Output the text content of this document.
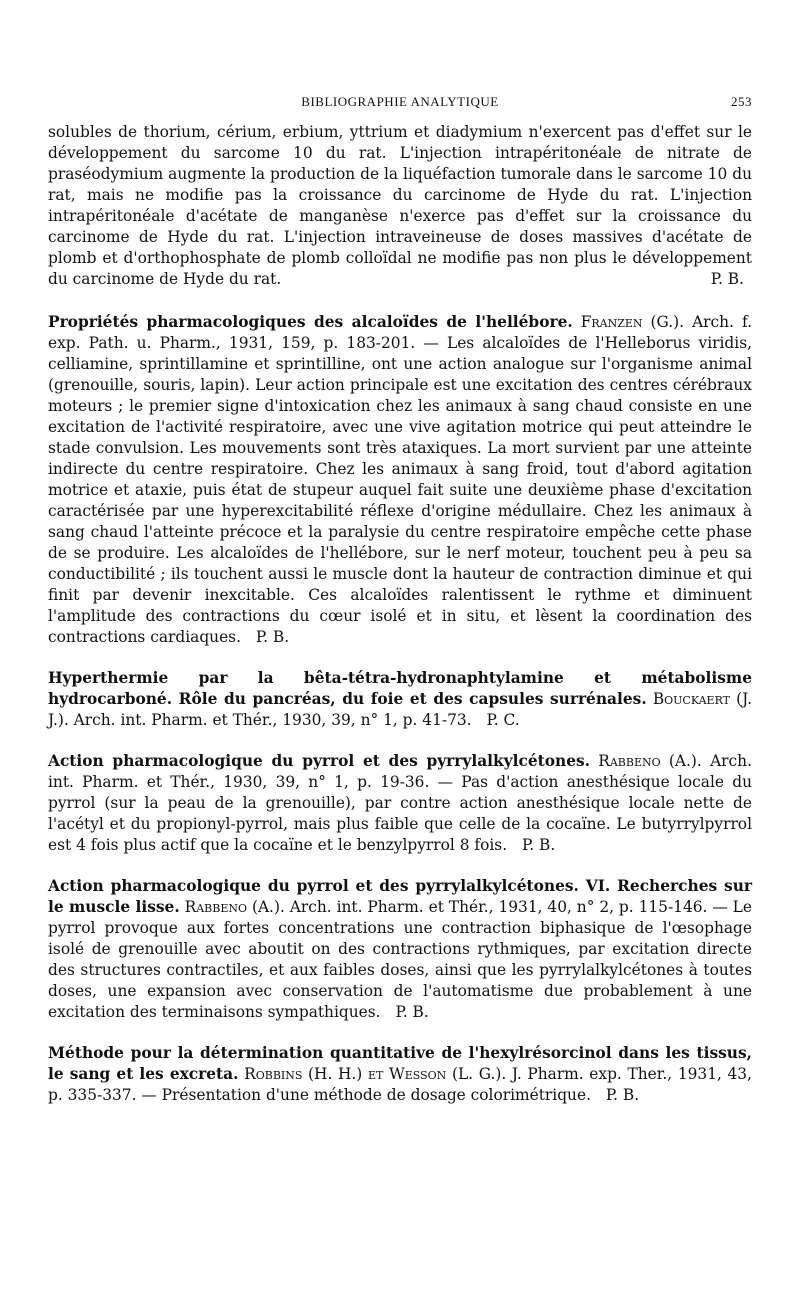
BIBLIOGRAPHIE ANALYTIQUE	253
solubles de thorium, cérium, erbium, yttrium et diadymium n'exercent pas d'effet sur le développement du sarcome 10 du rat. L'injection intrapéritonéale de nitrate de praséodymium augmente la production de la liquéfaction tumorale dans le sarcome 10 du rat, mais ne modifie pas la croissance du carcinome de Hyde du rat. L'injection intrapéritonéale d'acétate de manganèse n'exerce pas d'effet sur la croissance du carcinome de Hyde du rat. L'injection intraveineuse de doses massives d'acétate de plomb et d'orthophosphate de plomb colloïdal ne modifie pas non plus le développement du carcinome de Hyde du rat.	P. B.

Propriétés pharmacologiques des alcaloïdes de l'hellébore. Franzen (G.). Arch. f. exp. Path. u. Pharm., 1931, 159, p. 183-201. — Les alcaloïdes de l'Helleborus viridis, celliamine, sprintillamine et sprintilline, ont une action analogue sur l'organisme animal (grenouille, souris, lapin). Leur action principale est une excitation des centres cérébraux moteurs ; le premier signe d'intoxication chez les animaux à sang chaud consiste en une excitation de l'activité respiratoire, avec une vive agitation motrice qui peut atteindre le stade convulsion. Les mouvements sont très ataxiques. La mort survient par une atteinte indirecte du centre respiratoire. Chez les animaux à sang froid, tout d'abord agitation motrice et ataxie, puis état de stupeur auquel fait suite une deuxième phase d'excitation caractérisée par une hyperexcitabilité réflexe d'origine médullaire. Chez les animaux à sang chaud l'atteinte précoce et la paralysie du centre respiratoire empêche cette phase de se produire. Les alcaloïdes de l'hellébore, sur le nerf moteur, touchent peu à peu sa conductibilité ; ils touchent aussi le muscle dont la hauteur de contraction diminue et qui finit par devenir inexcitable. Ces alcaloïdes ralentissent le rythme et diminuent l'amplitude des contractions du cœur isolé et in situ, et lèsent la coordination des contractions cardiaques. P. B.

Hyperthermie par la bêta-tétra-hydronaphtylamine et métabolisme hydrocarboné. Rôle du pancréas, du foie et des capsules surrénales. Bouckaert (J. J.). Arch. int. Pharm. et Thér., 1930, 39, n° 1, p. 41-73. P. C.

Action pharmacologique du pyrrol et des pyrrylalkylcétones. Rabbeno (A.). Arch. int. Pharm. et Thér., 1930, 39, n° 1, p. 19-36. — Pas d'action anesthésique locale du pyrrol (sur la peau de la grenouille), par contre action anesthésique locale nette de l'acétyl et du propionyl-pyrrol, mais plus faible que celle de la cocaïne. Le butyrrylpyrrol est 4 fois plus actif que la cocaïne et le benzylpyrrol 8 fois. P. B.

Action pharmacologique du pyrrol et des pyrrylalkylcétones. VI. Recherches sur le muscle lisse. Rabbeno (A.). Arch. int. Pharm. et Thér., 1931, 40, n° 2, p. 115-146. — Le pyrrol provoque aux fortes concentrations une contraction biphasique de l'œsophage isolé de grenouille avec aboutit on des contractions rythmiques, par excitation directe des structures contractiles, et aux faibles doses, ainsi que les pyrrylalkylcétones à toutes doses, une expansion avec conservation de l'automatisme due probablement à une excitation des terminaisons sympathiques. P. B.

Méthode pour la détermination quantitative de l'hexylrésorcinol dans les tissus, le sang et les excreta. Robbins (H. H.) et Wesson (L. G.). J. Pharm. exp. Ther., 1931, 43, p. 335-337. — Présentation d'une méthode de dosage colorimétrique. P. B.
